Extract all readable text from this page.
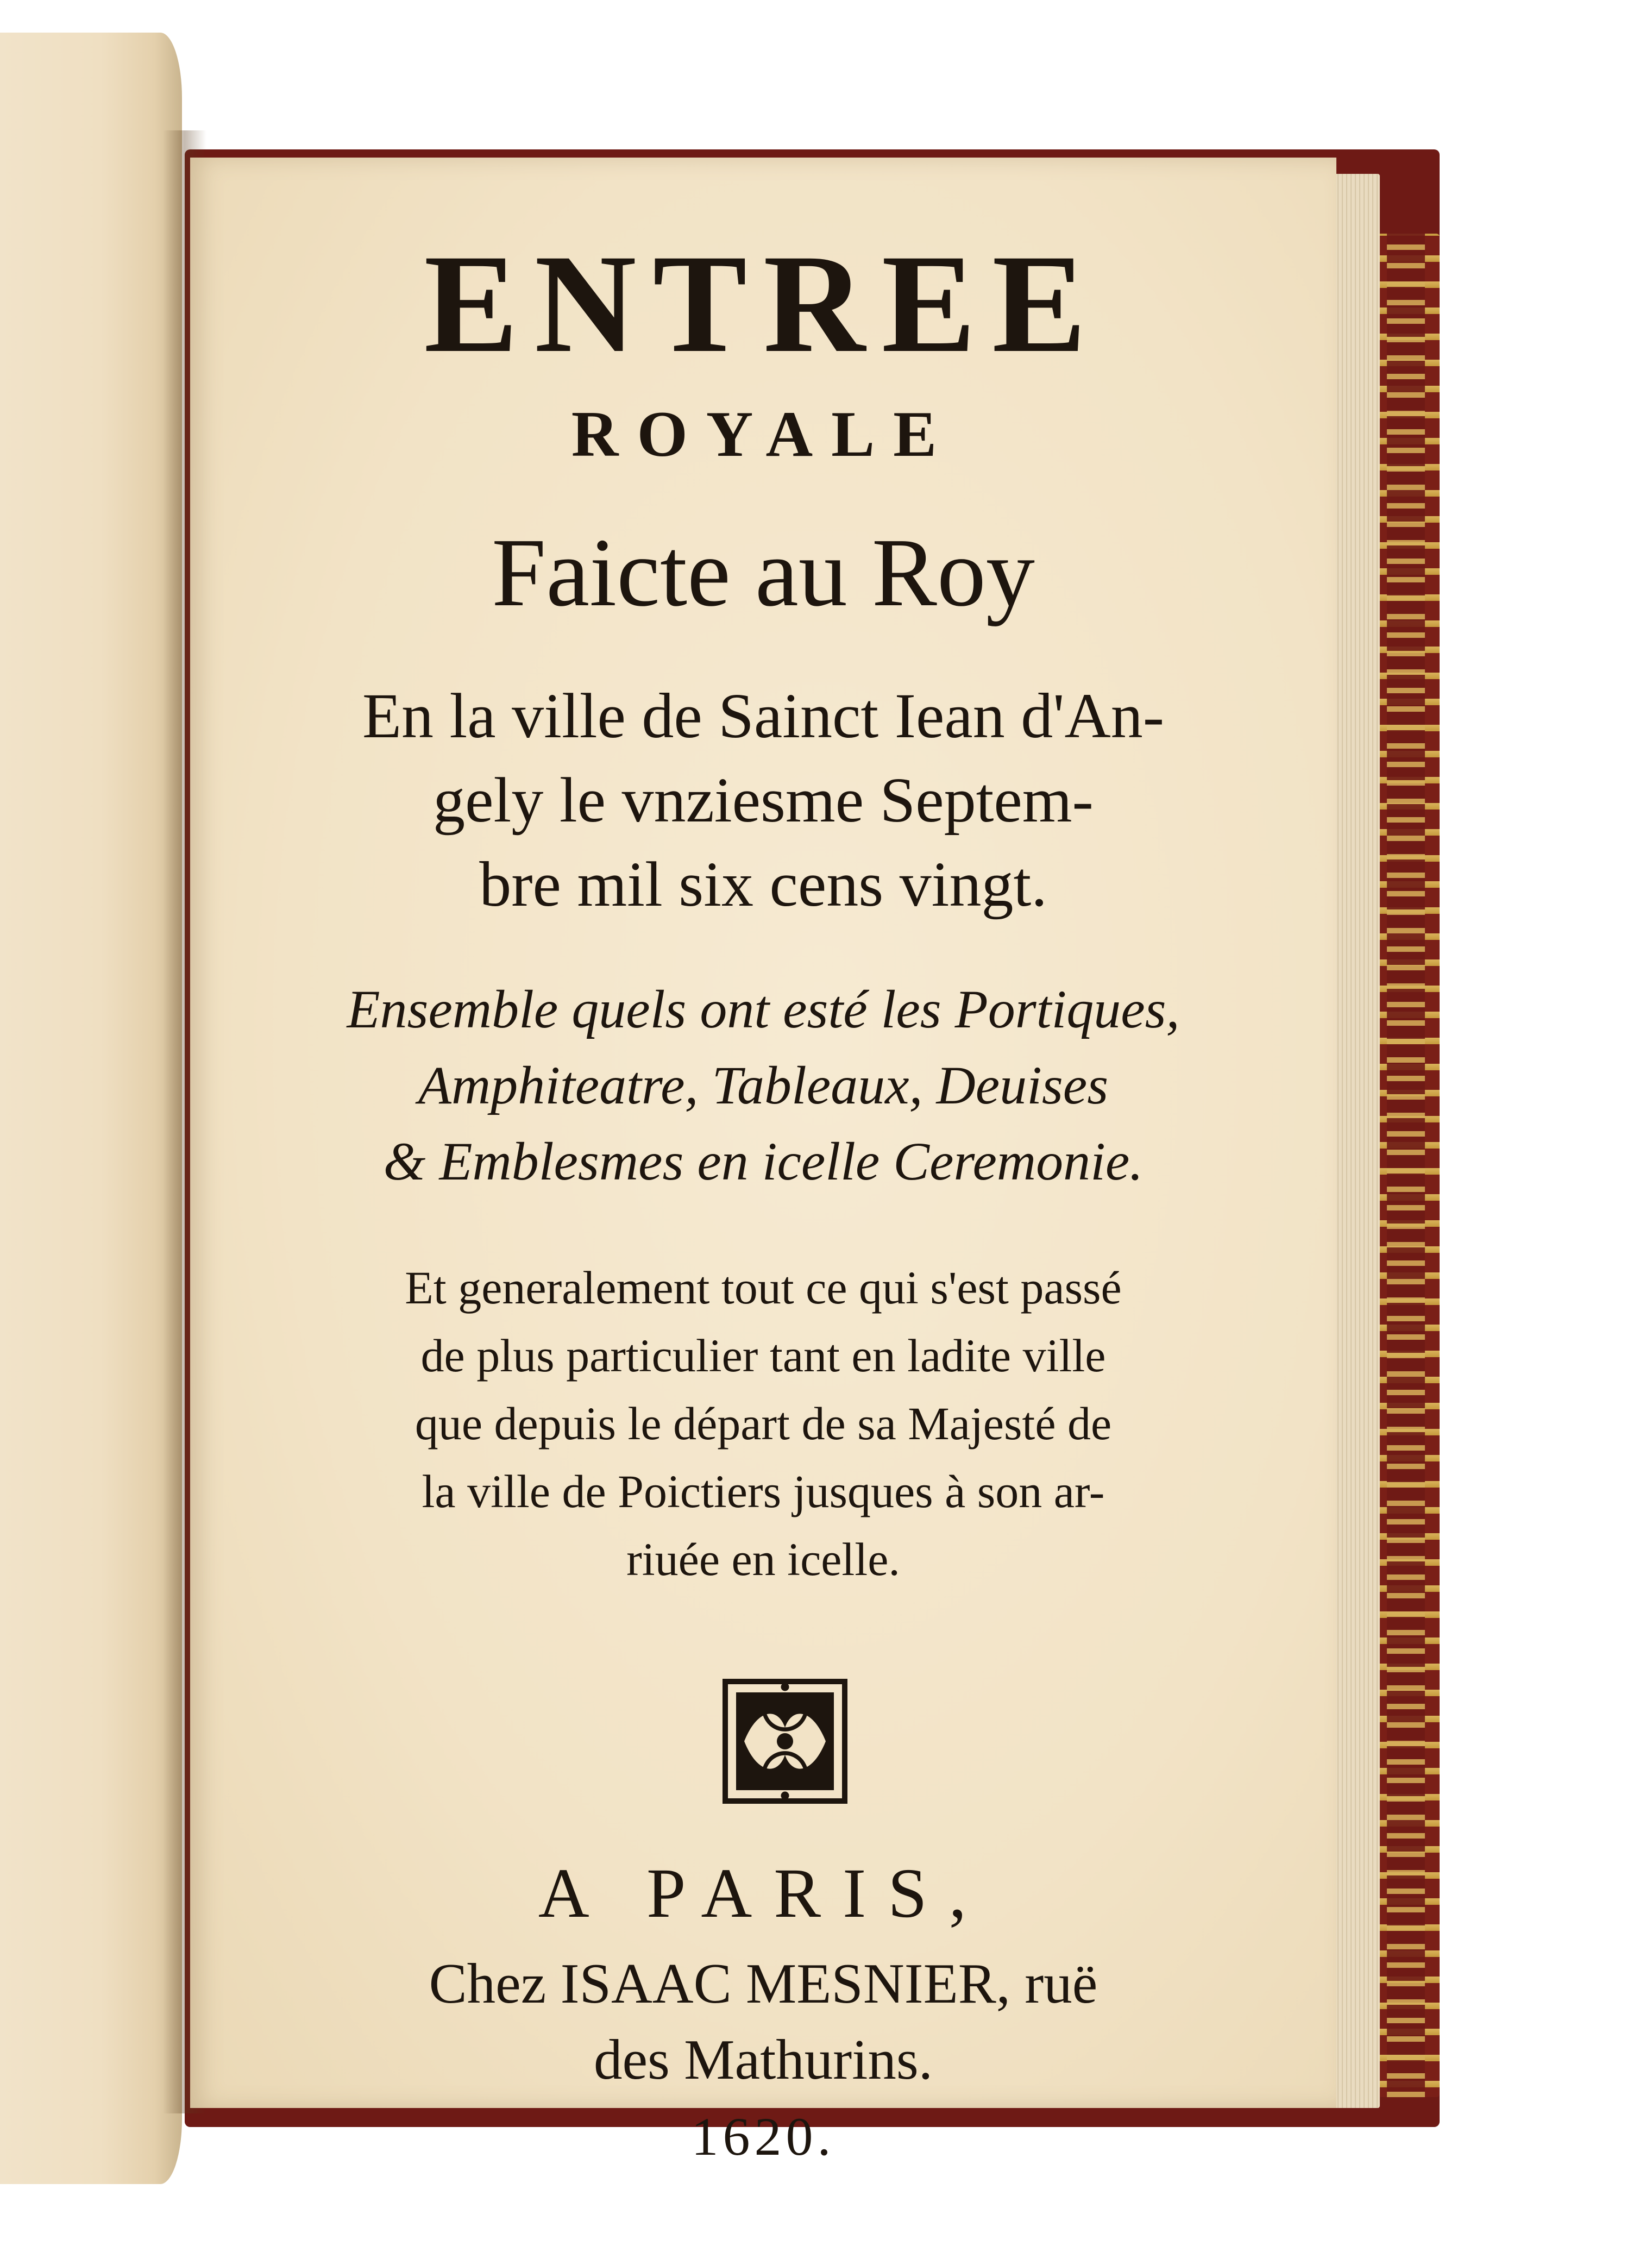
ENTREE
ROYALE
Faicte au Roy
En la ville de Sainct Iean d'An-
gely le vnziesme Septem-
bre mil six cens vingt.
Ensemble quels ont esté les Portiques,
Amphiteatre, Tableaux, Deuises
& Emblesmes en icelle Ceremonie.
Et generalement tout ce qui s'est passé
de plus particulier tant en ladite ville
que depuis le départ de sa Majesté de
la ville de Poictiers jusques à son ar-
riuée en icelle.
A PARIS,
Chez ISAAC MESNIER, ruë
des Mathurins.
1620.
